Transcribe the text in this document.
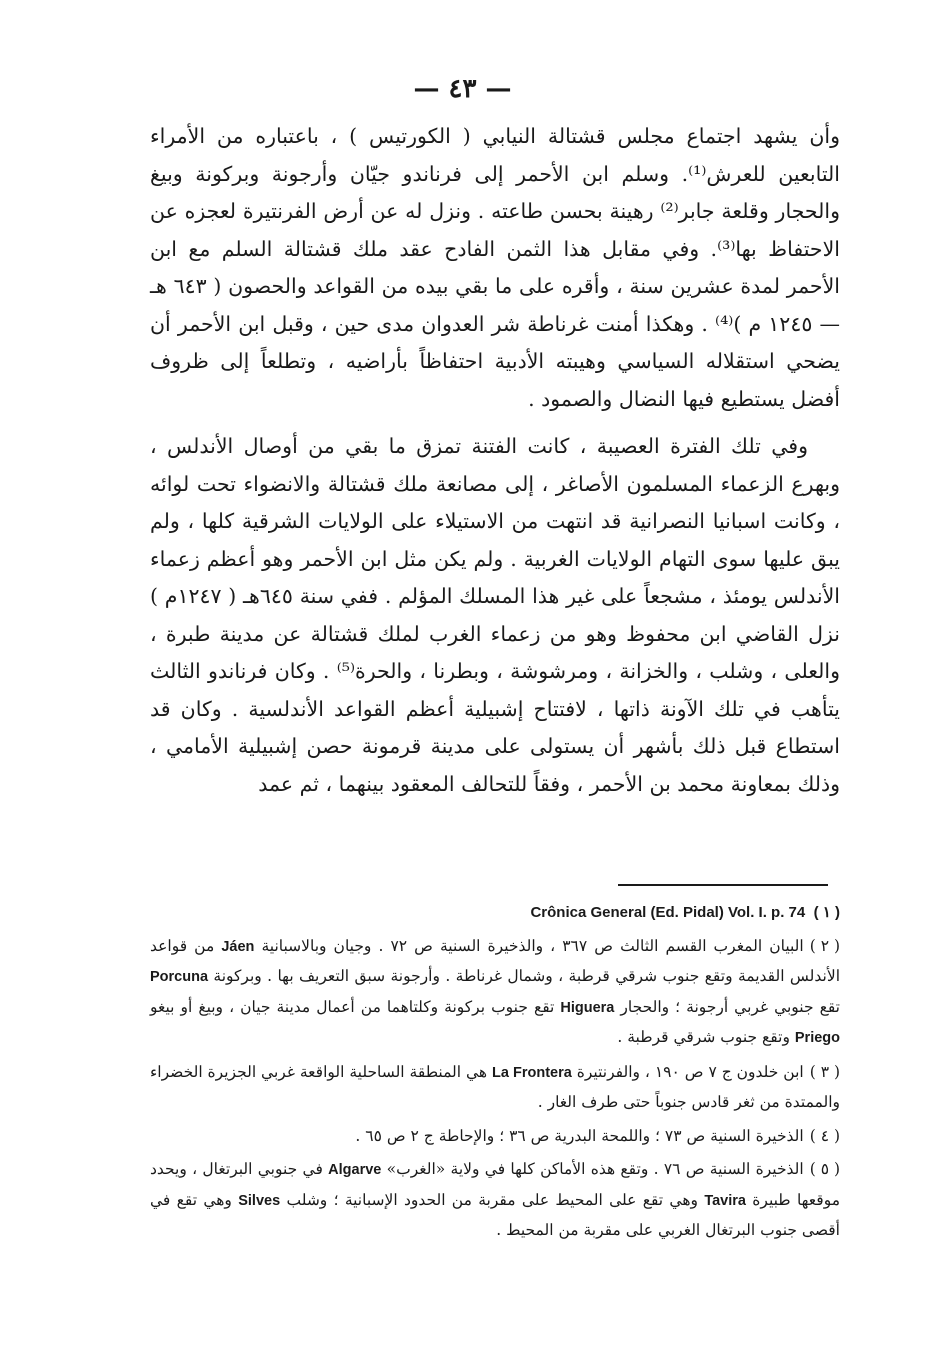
— ٤٣ —

وأن يشهد اجتماع مجلس قشتالة النيابي ( الكورتيس ) ، باعتباره من الأمراء التابعين للعرش⁽¹⁾. وسلم ابن الأحمر إلى فرناندو جيّان وأرجونة وبركونة وبيغ والحجار وقلعة جابر⁽²⁾ رهينة بحسن طاعته . ونزل له عن أرض الفرنتيرة لعجزه عن الاحتفاظ بها⁽³⁾. وفي مقابل هذا الثمن الفادح عقد ملك قشتالة السلم مع ابن الأحمر لمدة عشرين سنة ، وأقره على ما بقي بيده من القواعد والحصون ( ٦٤٣ هـ — ١٢٤٥ م )⁽⁴⁾ . وهكذا أمنت غرناطة شر العدوان مدى حين ، وقبل ابن الأحمر أن يضحي استقلاله السياسي وهيبته الأدبية احتفاظاً بأراضيه ، وتطلعاً إلى ظروف أفضل يستطيع فيها النضال والصمود .

وفي تلك الفترة العصيبة ، كانت الفتنة تمزق ما بقي من أوصال الأندلس ، وبهرع الزعماء المسلمون الأصاغر ، إلى مصانعة ملك قشتالة والانضواء تحت لوائه ، وكانت اسبانيا النصرانية قد انتهت من الاستيلاء على الولايات الشرقية كلها ، ولم يبق عليها سوى التهام الولايات الغربية . ولم يكن مثل ابن الأحمر وهو أعظم زعماء الأندلس يومئذ ، مشجعاً على غير هذا المسلك المؤلم . ففي سنة ٦٤٥هـ ( ١٢٤٧م ) نزل القاضي ابن محفوظ وهو من زعماء الغرب لملك قشتالة عن مدينة طبرة ، والعلى ، وشلب ، والخزانة ، ومرشوشة ، وبطرنا ، والحرة⁽⁵⁾ . وكان فرناندو الثالث يتأهب في تلك الآونة ذاتها ، لافتتاح إشبيلية أعظم القواعد الأندلسية . وكان قد استطاع قبل ذلك بأشهر أن يستولى على مدينة قرمونة حصن إشبيلية الأمامي ، وذلك بمعاونة محمد بن الأحمر ، وفقاً للتحالف المعقود بينهما ، ثم عمد

Crônica General (Ed. Pidal) Vol. I. p. 74 ( ١ )

( ٢ )البيان المغرب القسم الثالث ص ٣٦٧ ، والذخيرة السنية ص ٧٢ . وجيان وبالاسبانية Jáen من قواعد الأندلس القديمة وتقع جنوب شرقي قرطبة ، وشمال غرناطة . وأرجونة سبق التعريف بها . وبركونة Porcuna تقع جنوبي غربي أرجونة ؛ والحجار Higuera تقع جنوب بركونة وكلتاهما من أعمال مدينة جيان ، وبيغ أو بيغو Priego وتقع جنوب شرقي قرطبة .

( ٣ )ابن خلدون ج ٧ ص ١٩٠ ، والفرنتيرة La Frontera هي المنطقة الساحلية الواقعة غربي الجزيرة الخضراء والممتدة من ثغر قادس جنوباً حتى طرف الغار .

( ٤ )الذخيرة السنية ص ٧٣ ؛ واللمحة البدرية ص ٣٦ ؛ والإحاطة ج ٢ ص ٦٥ .

( ٥ )الذخيرة السنية ص ٧٦ . وتقع هذه الأماكن كلها في ولاية «الغرب» Algarve في جنوبي البرتغال ، ويحدد موقعها طبيرة Tavira وهي تقع على المحيط على مقربة من الحدود الإسبانية ؛ وشلب Silves وهي تقع في أقصى جنوب البرتغال الغربي على مقربة من المحيط .
